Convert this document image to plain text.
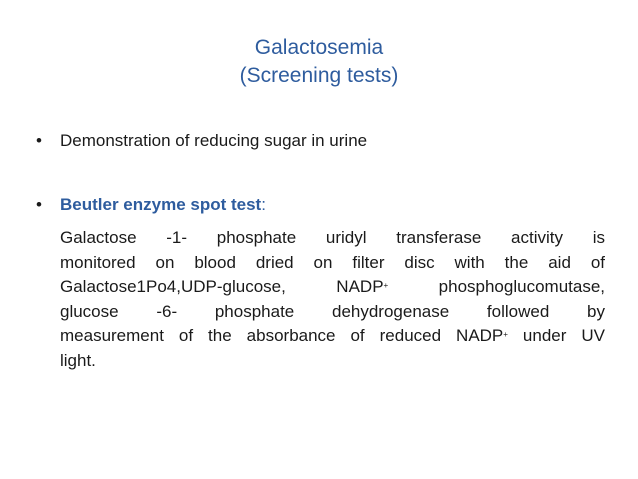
Galactosemia
(Screening tests)
• Demonstration of reducing sugar in urine
• Beutler enzyme spot test:
Galactose -1- phosphate uridyl transferase activity is
monitored on blood dried on filter disc with the aid of
Galactose1Po4,UDP-glucose, NADP+ phosphoglucomutase,
glucose -6- phosphate dehydrogenase followed by
measurement of the absorbance of reduced NADP+ under UV
light.
